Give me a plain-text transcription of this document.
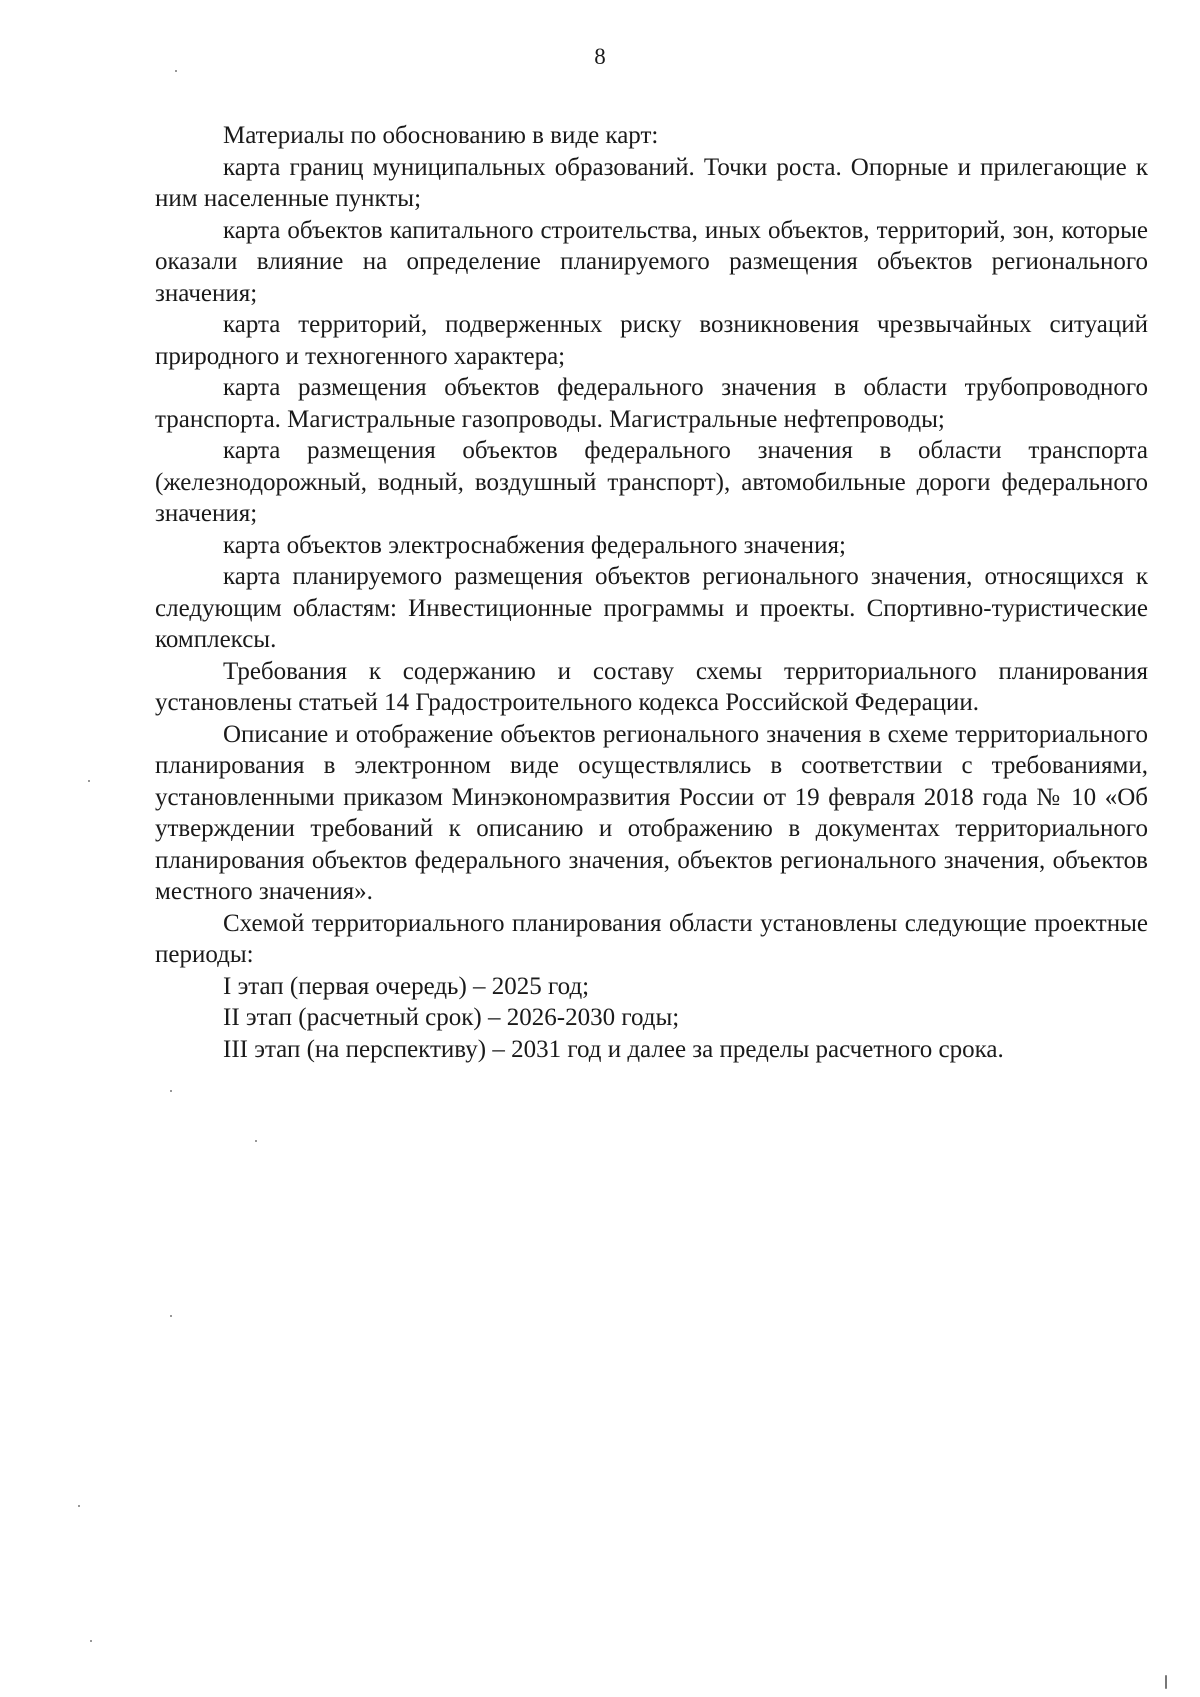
8

Материалы по обоснованию в виде карт:

карта границ муниципальных образований. Точки роста. Опорные и прилегающие к ним населенные пункты;

карта объектов капитального строительства, иных объектов, территорий, зон, которые оказали влияние на определение планируемого размещения объектов регионального значения;

карта территорий, подверженных риску возникновения чрезвычайных ситуаций природного и техногенного характера;

карта размещения объектов федерального значения в области трубопроводного транспорта. Магистральные газопроводы. Магистральные нефтепроводы;

карта размещения объектов федерального значения в области транспорта (железнодорожный, водный, воздушный транспорт), автомобильные дороги федерального значения;

карта объектов электроснабжения федерального значения;

карта планируемого размещения объектов регионального значения, относящихся к следующим областям: Инвестиционные программы и проекты. Спортивно-туристические комплексы.

Требования к содержанию и составу схемы территориального планирования установлены статьей 14 Градостроительного кодекса Российской Федерации.

Описание и отображение объектов регионального значения в схеме территориального планирования в электронном виде осуществлялись в соответствии с требованиями, установленными приказом Минэкономразвития России от 19 февраля 2018 года № 10 «Об утверждении требований к описанию и отображению в документах территориального планирования объектов федерального значения, объектов регионального значения, объектов местного значения».

Схемой территориального планирования области установлены следующие проектные периоды:

I этап (первая очередь) – 2025 год;

II этап (расчетный срок) – 2026-2030 годы;

III этап (на перспективу) – 2031 год и далее за пределы расчетного срока.
